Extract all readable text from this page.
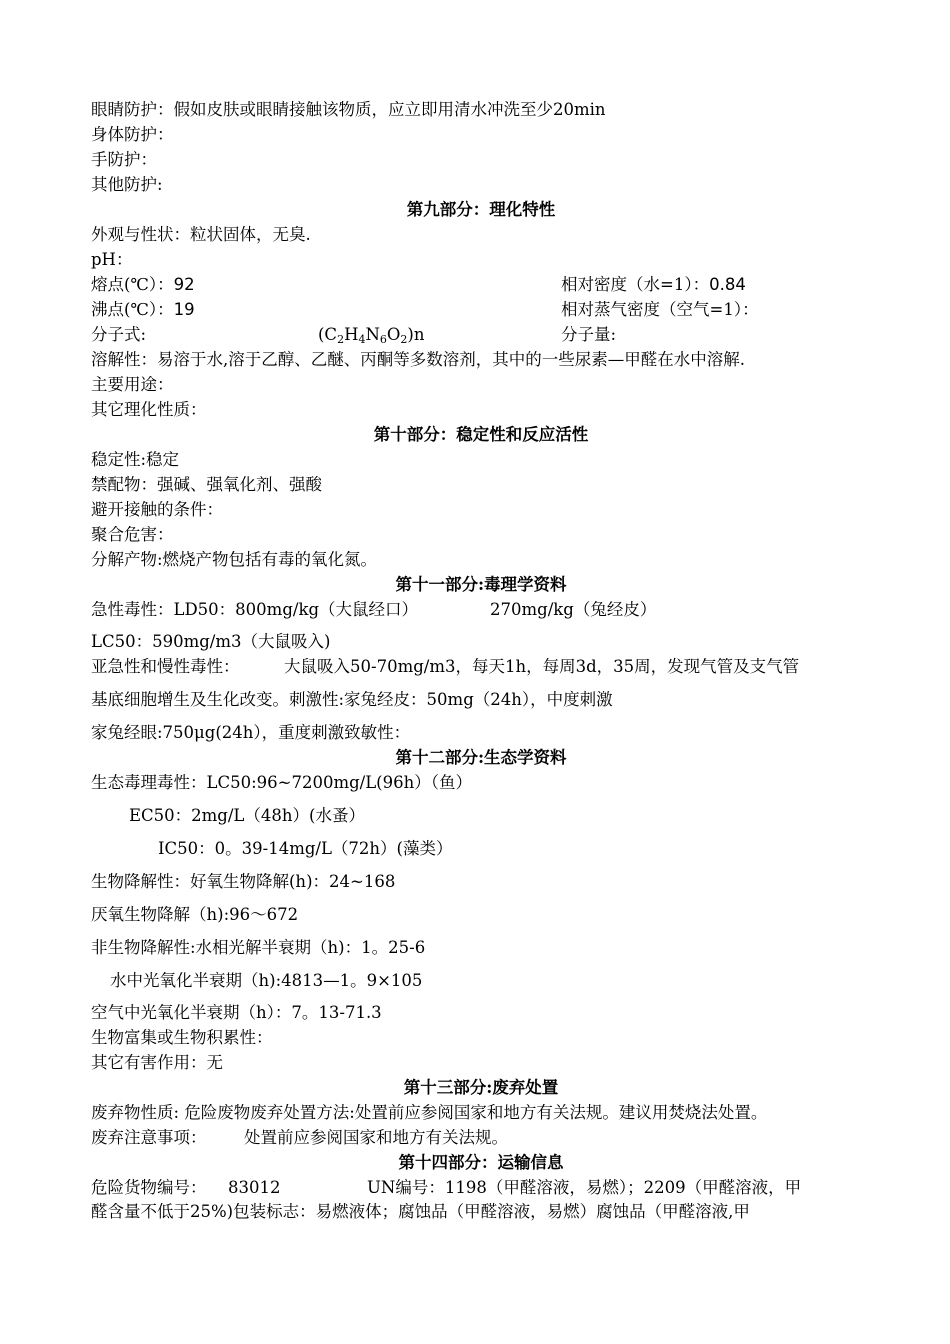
眼睛防护：假如皮肤或眼睛接触该物质，应立即用清水冲洗至少20min
身体防护：
手防护：
其他防护:
第九部分：理化特性
外观与性状：粒状固体，无臭.
pH：
熔点(℃）：92	相对密度（水=1）：0.84
沸点(℃）：19	相对蒸气密度（空气=1）：
分子式:	$(C_2H_4N_6O_2)n$	分子量:
溶解性：易溶于水,溶于乙醇、乙醚、丙酮等多数溶剂，其中的一些尿素—甲醛在水中溶解.
主要用途：
其它理化性质：
第十部分：稳定性和反应活性
稳定性:稳定
禁配物：强碱、强氧化剂、强酸
避开接触的条件：
聚合危害：
分解产物:燃烧产物包括有毒的氧化氮。
第十一部分:毒理学资料
急性毒性：LD50：800mg/kg（大鼠经口）	270mg/kg（兔经皮）
LC50：590mg/m3（大鼠吸入)
亚急性和慢性毒性：	大鼠吸入50-70mg/m3，每天1h，每周3d，35周，发现气管及支气管
基底细胞增生及生化改变。刺激性:家兔经皮：50mg（24h），中度刺激
家兔经眼:750μg(24h），重度刺激致敏性：
第十二部分:生态学资料
生态毒理毒性：LC50:96~7200mg/L(96h）（鱼）
EC50：2mg/L（48h）(水蚤）
IC50：0。39-14mg/L（72h）(藻类）
生物降解性：好氧生物降解(h)：24~168
厌氧生物降解（h):96～672
非生物降解性:水相光解半衰期（h)：1。25-6
水中光氧化半衰期（h):4813—1。9×105
空气中光氧化半衰期（h）：7。13-71.3
生物富集或生物积累性：
其它有害作用：无
第十三部分:废弃处置
废弃物性质: 危险废物废弃处置方法:处置前应参阅国家和地方有关法规。建议用焚烧法处置。
废弃注意事项： 处置前应参阅国家和地方有关法规。
第十四部分：运输信息
危险货物编号： 83012	UN编号：1198（甲醛溶液，易燃）；2209（甲醛溶液，甲
醛含量不低于25%)包装标志：易燃液体；腐蚀品（甲醛溶液，易燃）腐蚀品（甲醛溶液,甲
